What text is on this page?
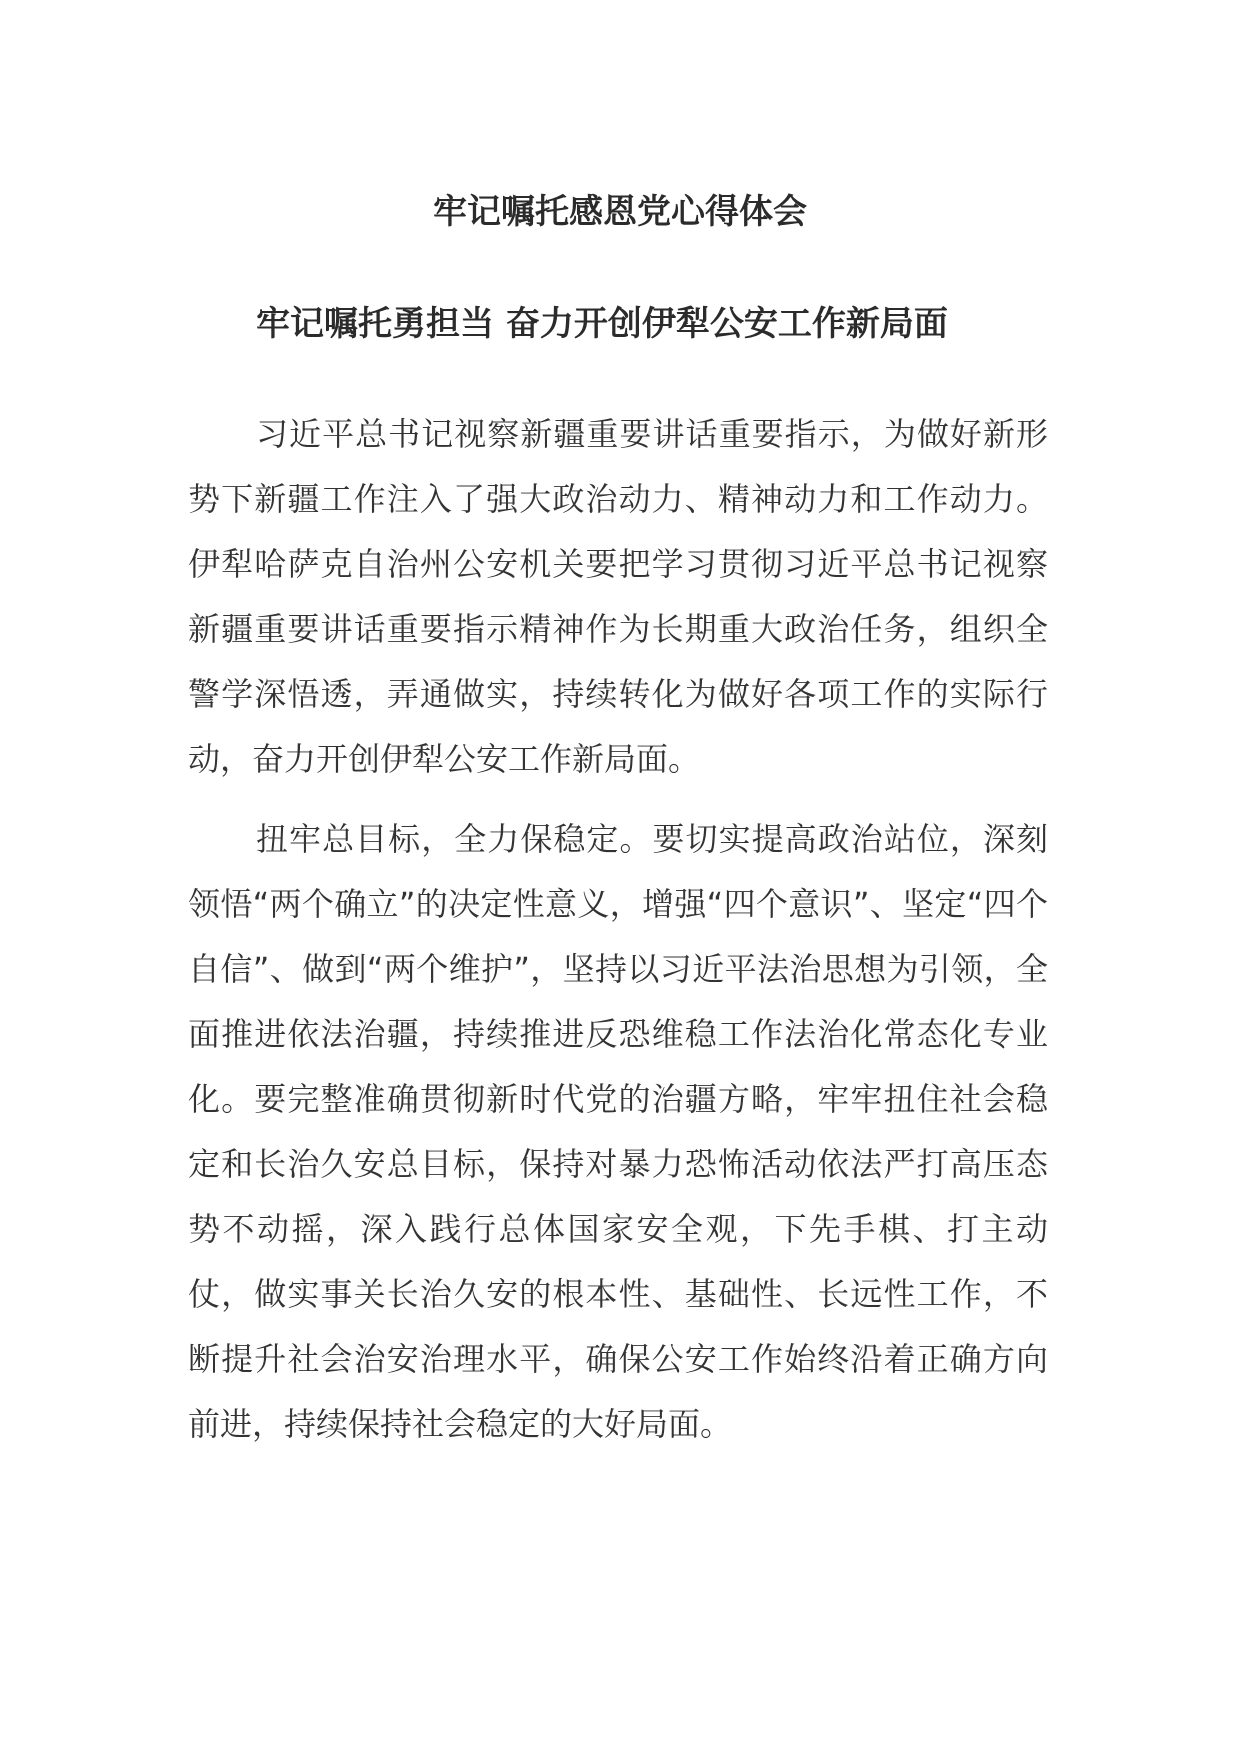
牢记嘱托感恩党心得体会
牢记嘱托勇担当 奋力开创伊犁公安工作新局面

习近平总书记视察新疆重要讲话重要指示，为做好新形势下新疆工作注入了强大政治动力、精神动力和工作动力。伊犁哈萨克自治州公安机关要把学习贯彻习近平总书记视察新疆重要讲话重要指示精神作为长期重大政治任务，组织全警学深悟透，弄通做实，持续转化为做好各项工作的实际行动，奋力开创伊犁公安工作新局面。

扭牢总目标，全力保稳定。要切实提高政治站位，深刻领悟“两个确立”的决定性意义，增强“四个意识”、坚定“四个自信”、做到“两个维护”，坚持以习近平法治思想为引领，全面推进依法治疆，持续推进反恐维稳工作法治化常态化专业化。要完整准确贯彻新时代党的治疆方略，牢牢扭住社会稳定和长治久安总目标，保持对暴力恐怖活动依法严打高压态势不动摇，深入践行总体国家安全观，下先手棋、打主动仗，做实事关长治久安的根本性、基础性、长远性工作，不断提升社会治安治理水平，确保公安工作始终沿着正确方向前进，持续保持社会稳定的大好局面。
